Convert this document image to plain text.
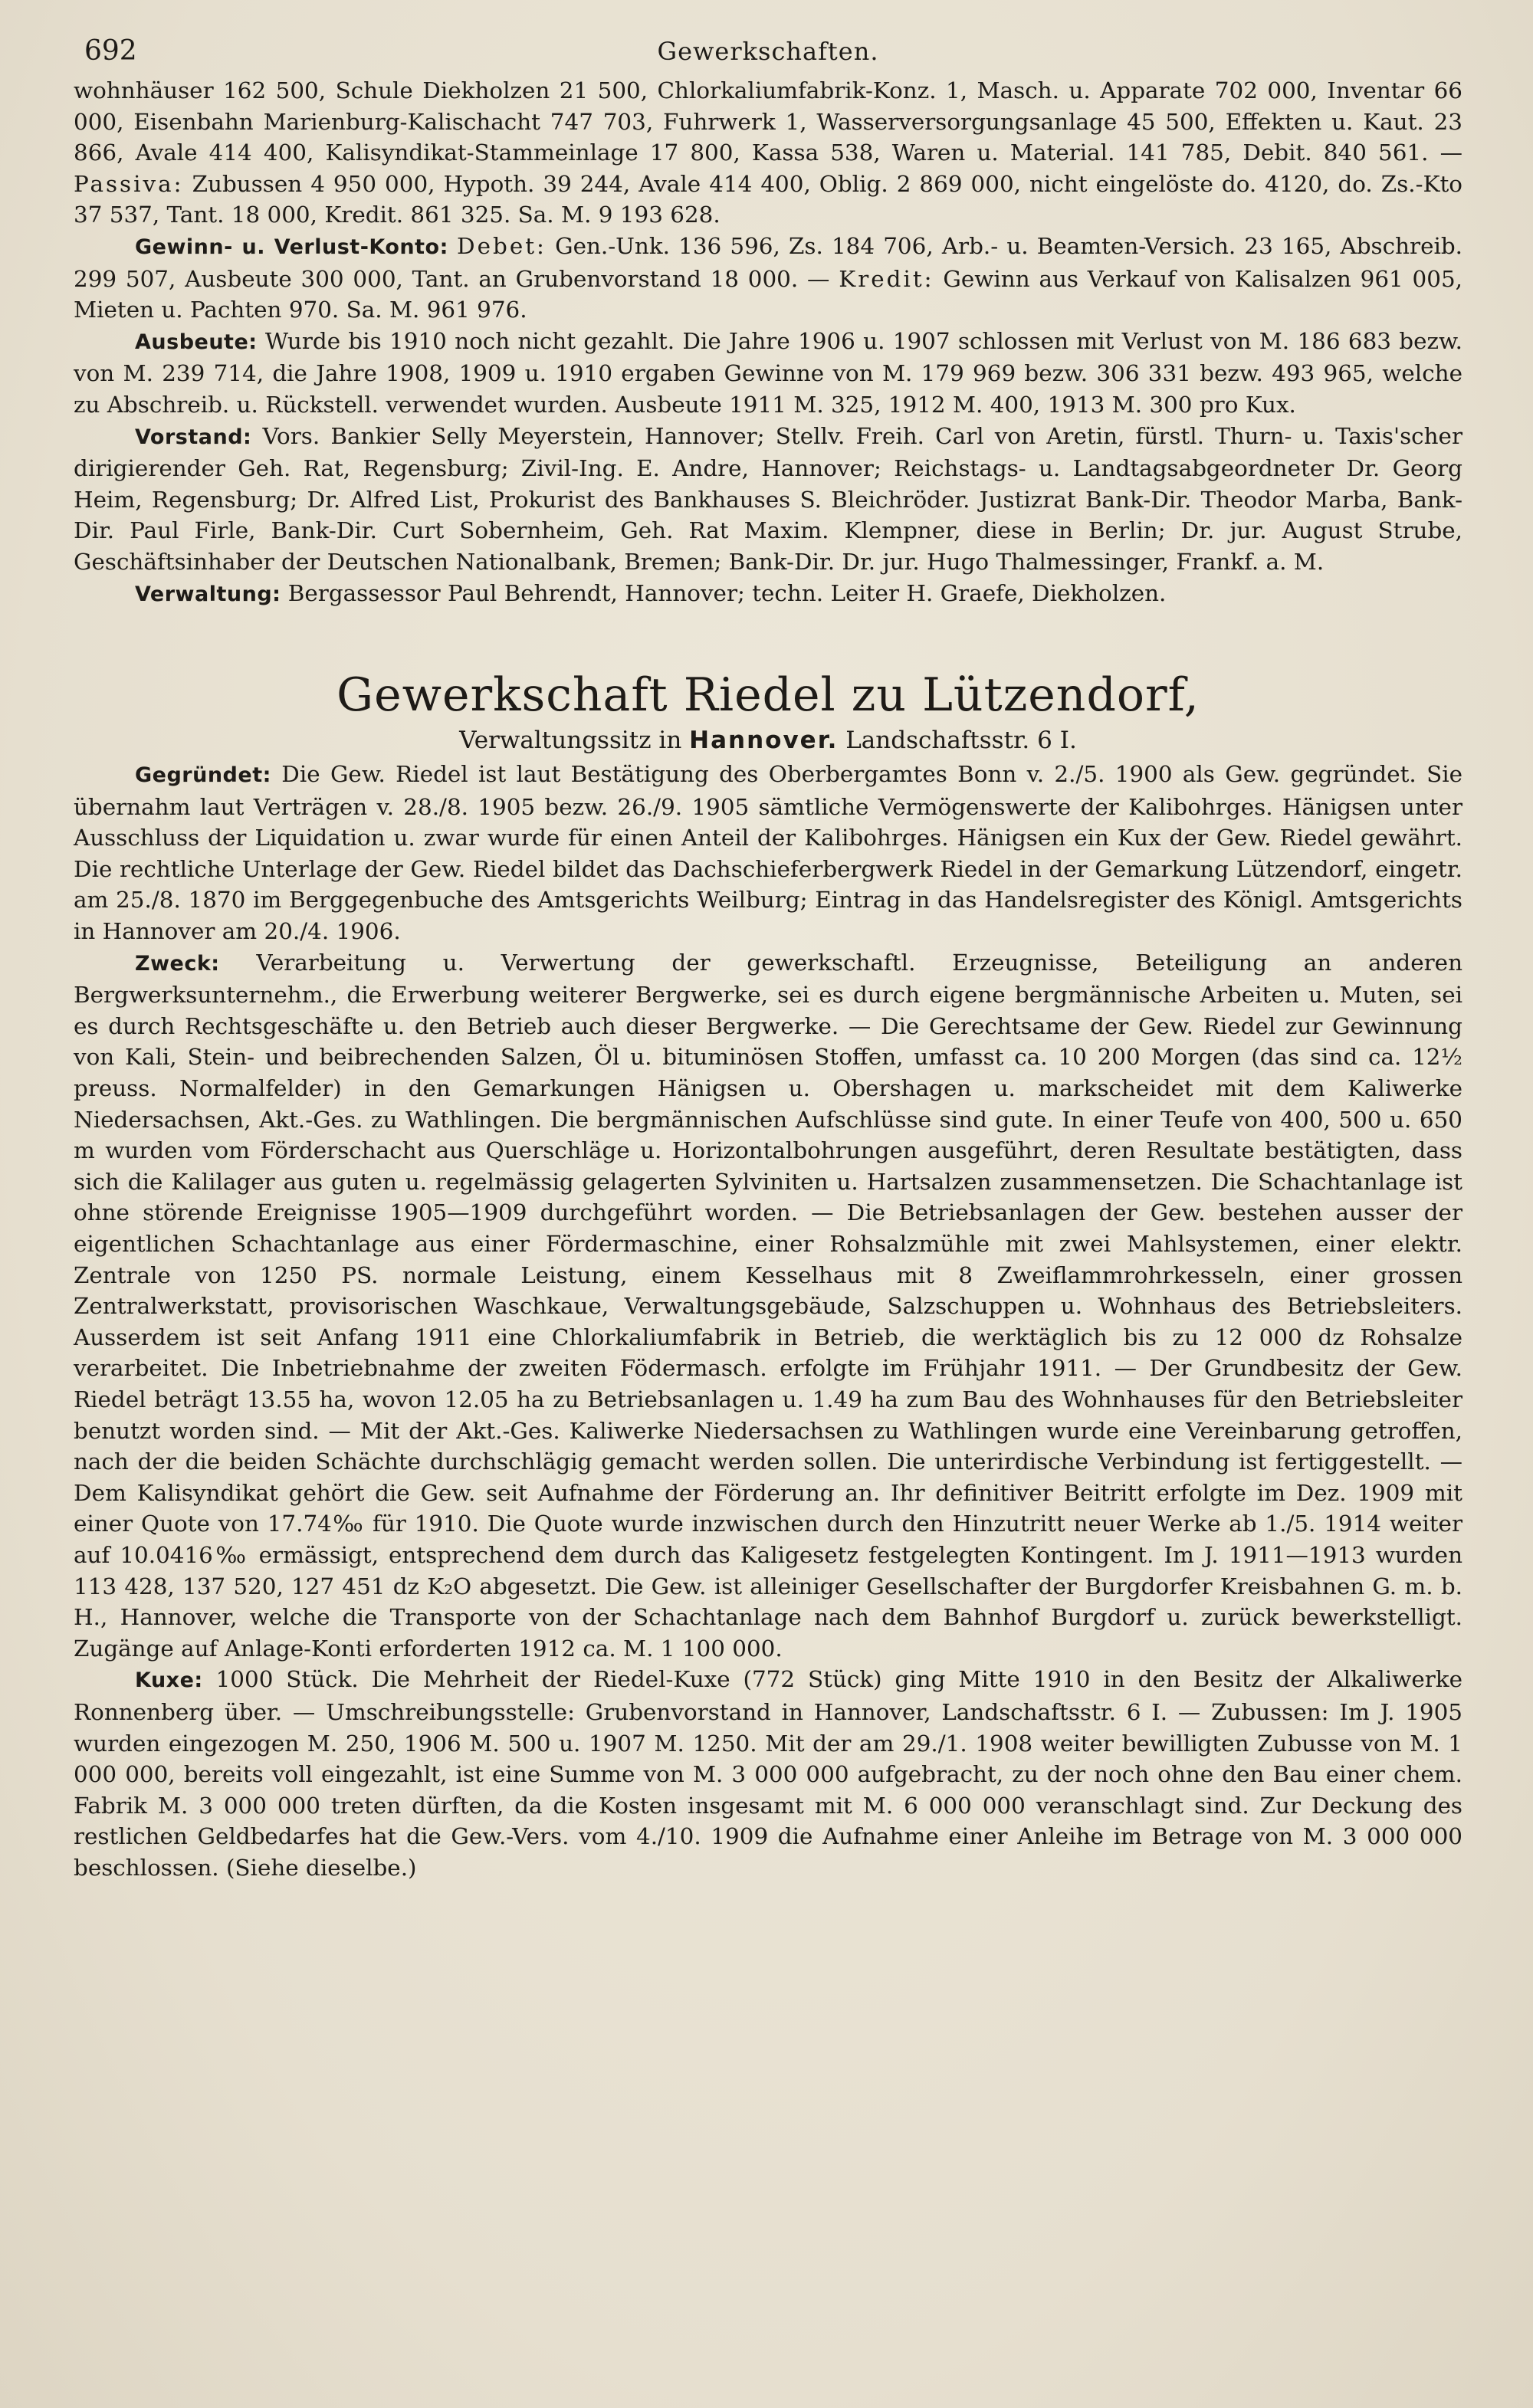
692	Gewerkschaften.

wohnhäuser 162 500, Schule Diekholzen 21 500, Chlorkaliumfabrik-Konz. 1, Masch. u. Apparate 702 000, Inventar 66 000, Eisenbahn Marienburg-Kalischacht 747 703, Fuhrwerk 1, Wasserversorgungsanlage 45 500, Effekten u. Kaut. 23 866, Avale 414 400, Kalisyndikat-Stammeinlage 17 800, Kassa 538, Waren u. Material. 141 785, Debit. 840 561. — Passiva: Zubussen 4 950 000, Hypoth. 39 244, Avale 414 400, Oblig. 2 869 000, nicht eingelöste do. 4120, do. Zs.-Kto 37 537, Tant. 18 000, Kredit. 861 325. Sa. M. 9 193 628.

Gewinn- u. Verlust-Konto: Debet: Gen.-Unk. 136 596, Zs. 184 706, Arb.- u. Beamten-Versich. 23 165, Abschreib. 299 507, Ausbeute 300 000, Tant. an Grubenvorstand 18 000. — Kredit: Gewinn aus Verkauf von Kalisalzen 961 005, Mieten u. Pachten 970. Sa. M. 961 976.

Ausbeute: Wurde bis 1910 noch nicht gezahlt. Die Jahre 1906 u. 1907 schlossen mit Verlust von M. 186 683 bezw. von M. 239 714, die Jahre 1908, 1909 u. 1910 ergaben Gewinne von M. 179 969 bezw. 306 331 bezw. 493 965, welche zu Abschreib. u. Rückstell. verwendet wurden. Ausbeute 1911 M. 325, 1912 M. 400, 1913 M. 300 pro Kux.

Vorstand: Vors. Bankier Selly Meyerstein, Hannover; Stellv. Freih. Carl von Aretin, fürstl. Thurn- u. Taxis'scher dirigierender Geh. Rat, Regensburg; Zivil-Ing. E. Andre, Hannover; Reichstags- u. Landtagsabgeordneter Dr. Georg Heim, Regensburg; Dr. Alfred List, Prokurist des Bankhauses S. Bleichröder. Justizrat Bank-Dir. Theodor Marba, Bank-Dir. Paul Firle, Bank-Dir. Curt Sobernheim, Geh. Rat Maxim. Klempner, diese in Berlin; Dr. jur. August Strube, Geschäftsinhaber der Deutschen Nationalbank, Bremen; Bank-Dir. Dr. jur. Hugo Thalmessinger, Frankf. a. M.

Verwaltung: Bergassessor Paul Behrendt, Hannover; techn. Leiter H. Graefe, Diekholzen.

Gewerkschaft Riedel zu Lützendorf,
Verwaltungssitz in Hannover. Landschaftsstr. 6 I.

Gegründet: Die Gew. Riedel ist laut Bestätigung des Oberbergamtes Bonn v. 2./5. 1900 als Gew. gegründet. Sie übernahm laut Verträgen v. 28./8. 1905 bezw. 26./9. 1905 sämtliche Vermögenswerte der Kalibohrges. Hänigsen unter Ausschluss der Liquidation u. zwar wurde für einen Anteil der Kalibohrges. Hänigsen ein Kux der Gew. Riedel gewährt. Die rechtliche Unterlage der Gew. Riedel bildet das Dachschieferbergwerk Riedel in der Gemarkung Lützendorf, eingetr. am 25./8. 1870 im Berggegenbuche des Amtsgerichts Weilburg; Eintrag in das Handelsregister des Königl. Amtsgerichts in Hannover am 20./4. 1906.

Zweck: Verarbeitung u. Verwertung der gewerkschaftl. Erzeugnisse, Beteiligung an anderen Bergwerksunternehm., die Erwerbung weiterer Bergwerke, sei es durch eigene bergmännische Arbeiten u. Muten, sei es durch Rechtsgeschäfte u. den Betrieb auch dieser Bergwerke. — Die Gerechtsame der Gew. Riedel zur Gewinnung von Kali, Stein- und beibrechenden Salzen, Öl u. bituminösen Stoffen, umfasst ca. 10 200 Morgen (das sind ca. 12½ preuss. Normalfelder) in den Gemarkungen Hänigsen u. Obershagen u. markscheidet mit dem Kaliwerke Niedersachsen, Akt.-Ges. zu Wathlingen. Die bergmännischen Aufschlüsse sind gute. In einer Teufe von 400, 500 u. 650 m wurden vom Förderschacht aus Querschläge u. Horizontalbohrungen ausgeführt, deren Resultate bestätigten, dass sich die Kalilager aus guten u. regelmässig gelagerten Sylviniten u. Hartsalzen zusammensetzen. Die Schachtanlage ist ohne störende Ereignisse 1905—1909 durchgeführt worden. — Die Betriebsanlagen der Gew. bestehen ausser der eigentlichen Schachtanlage aus einer Fördermaschine, einer Rohsalzmühle mit zwei Mahlsystemen, einer elektr. Zentrale von 1250 PS. normale Leistung, einem Kesselhaus mit 8 Zweiflammrohrkesseln, einer grossen Zentralwerkstatt, provisorischen Waschkaue, Verwaltungsgebäude, Salzschuppen u. Wohnhaus des Betriebsleiters. Ausserdem ist seit Anfang 1911 eine Chlorkaliumfabrik in Betrieb, die werktäglich bis zu 12 000 dz Rohsalze verarbeitet. Die Inbetriebnahme der zweiten Födermasch. erfolgte im Frühjahr 1911. — Der Grundbesitz der Gew. Riedel beträgt 13.55 ha, wovon 12.05 ha zu Betriebsanlagen u. 1.49 ha zum Bau des Wohnhauses für den Betriebsleiter benutzt worden sind. — Mit der Akt.-Ges. Kaliwerke Niedersachsen zu Wathlingen wurde eine Vereinbarung getroffen, nach der die beiden Schächte durchschlägig gemacht werden sollen. Die unterirdische Verbindung ist fertiggestellt. — Dem Kalisyndikat gehört die Gew. seit Aufnahme der Förderung an. Ihr definitiver Beitritt erfolgte im Dez. 1909 mit einer Quote von 17.74‰ für 1910. Die Quote wurde inzwischen durch den Hinzutritt neuer Werke ab 1./5. 1914 weiter auf 10.0416‰ ermässigt, entsprechend dem durch das Kaligesetz festgelegten Kontingent. Im J. 1911—1913 wurden 113 428, 137 520, 127 451 dz K₂O abgesetzt. Die Gew. ist alleiniger Gesellschafter der Burgdorfer Kreisbahnen G. m. b. H., Hannover, welche die Transporte von der Schachtanlage nach dem Bahnhof Burgdorf u. zurück bewerkstelligt. Zugänge auf Anlage-Konti erforderten 1912 ca. M. 1 100 000.

Kuxe: 1000 Stück. Die Mehrheit der Riedel-Kuxe (772 Stück) ging Mitte 1910 in den Besitz der Alkaliwerke Ronnenberg über. — Umschreibungsstelle: Grubenvorstand in Hannover, Landschaftsstr. 6 I. — Zubussen: Im J. 1905 wurden eingezogen M. 250, 1906 M. 500 u. 1907 M. 1250. Mit der am 29./1. 1908 weiter bewilligten Zubusse von M. 1 000 000, bereits voll eingezahlt, ist eine Summe von M. 3 000 000 aufgebracht, zu der noch ohne den Bau einer chem. Fabrik M. 3 000 000 treten dürften, da die Kosten insgesamt mit M. 6 000 000 veranschlagt sind. Zur Deckung des restlichen Geldbedarfes hat die Gew.-Vers. vom 4./10. 1909 die Aufnahme einer Anleihe im Betrage von M. 3 000 000 beschlossen. (Siehe dieselbe.)
